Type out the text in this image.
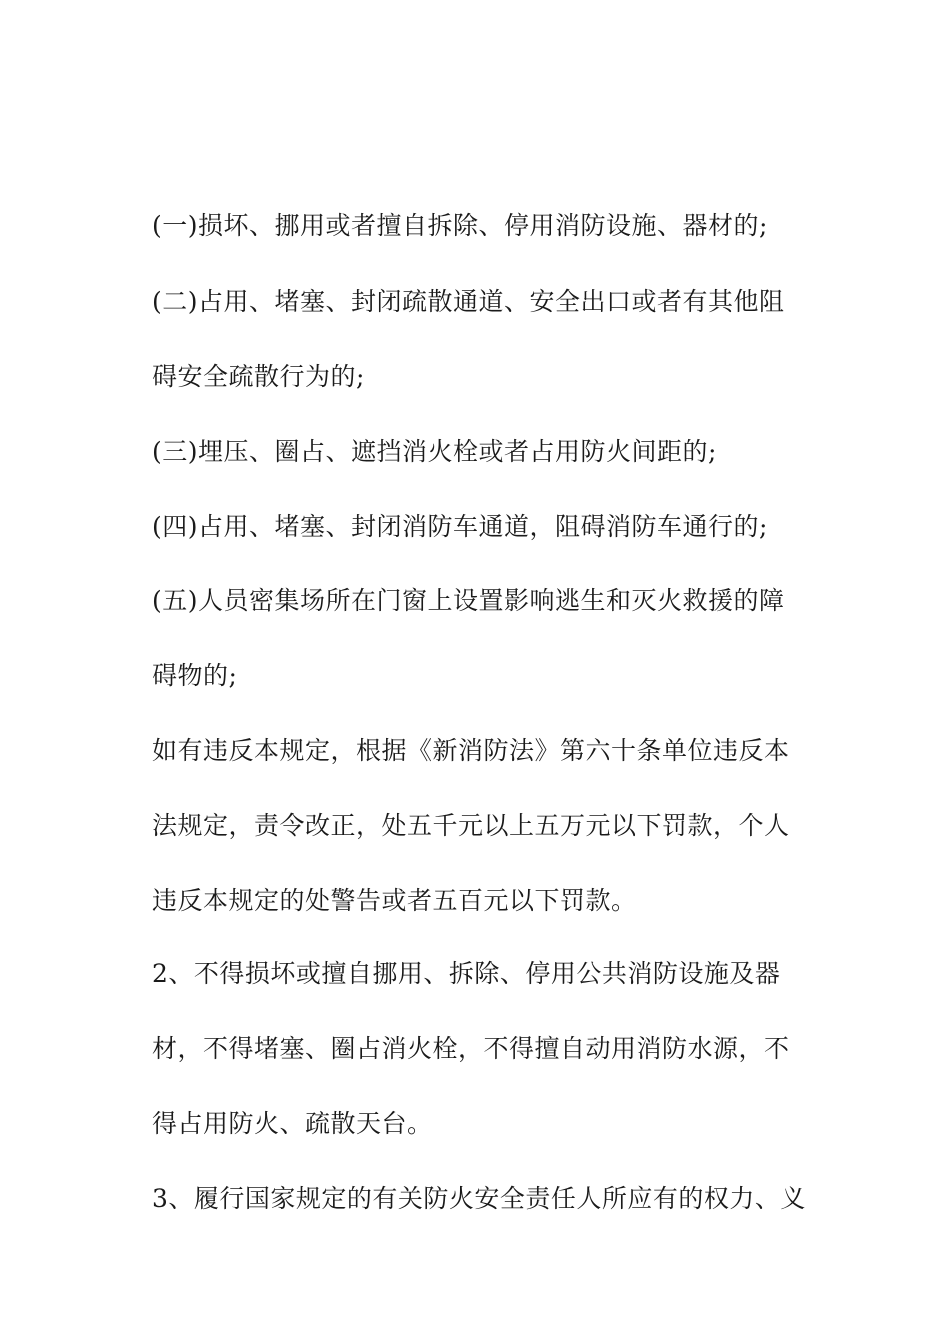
(一)损坏、挪用或者擅自拆除、停用消防设施、器材的;
(二)占用、堵塞、封闭疏散通道、安全出口或者有其他阻
碍安全疏散行为的;
(三)埋压、圈占、遮挡消火栓或者占用防火间距的;
(四)占用、堵塞、封闭消防车通道，阻碍消防车通行的;
(五)人员密集场所在门窗上设置影响逃生和灭火救援的障
碍物的;
如有违反本规定，根据《新消防法》第六十条单位违反本
法规定，责令改正，处五千元以上五万元以下罚款，个人
违反本规定的处警告或者五百元以下罚款。
2、不得损坏或擅自挪用、拆除、停用公共消防设施及器
材，不得堵塞、圈占消火栓，不得擅自动用消防水源，不
得占用防火、疏散天台。
3、履行国家规定的有关防火安全责任人所应有的权力、义
